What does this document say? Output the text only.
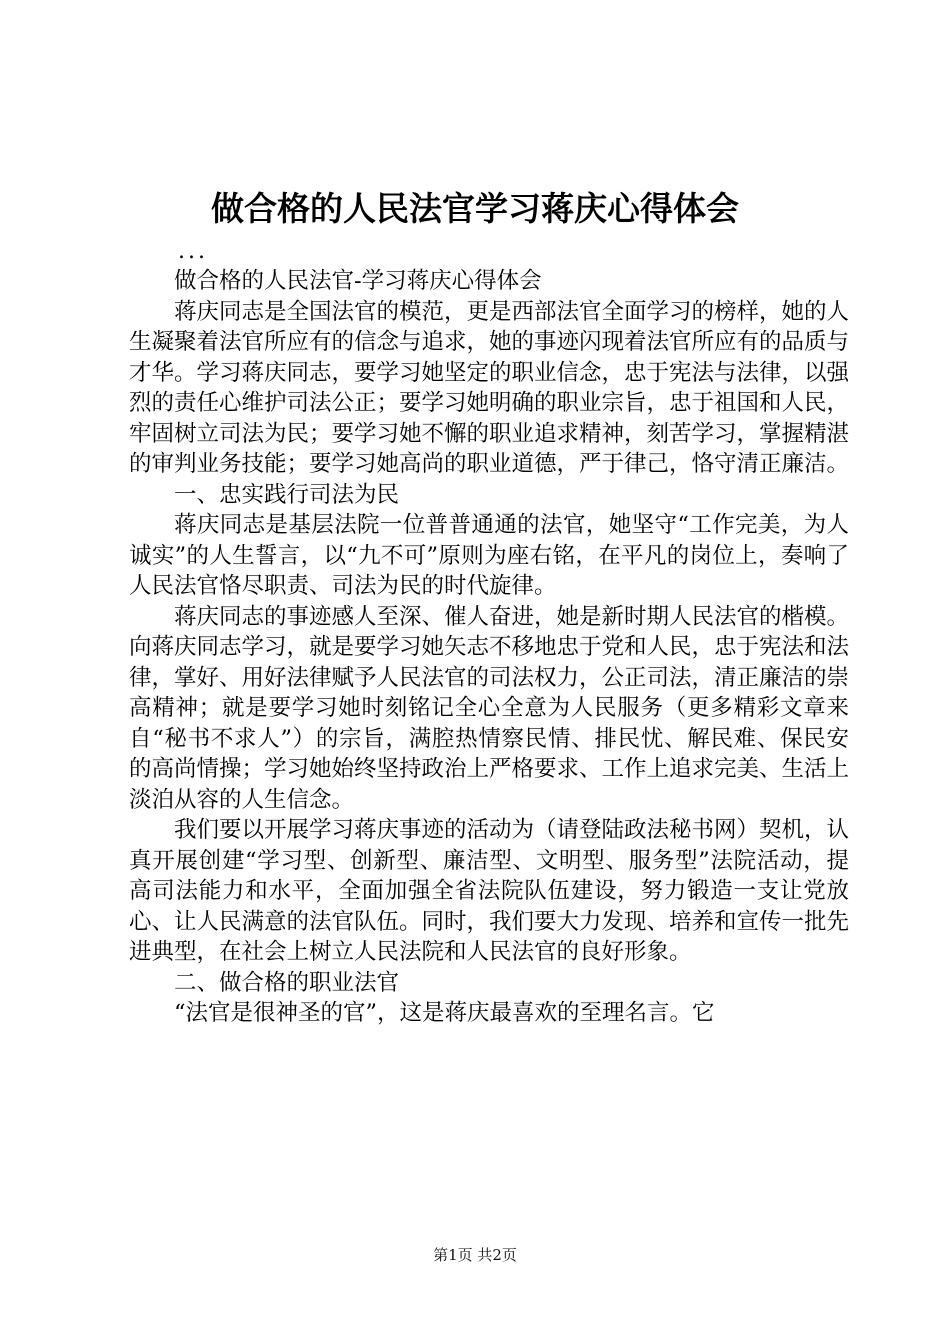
做合格的人民法官学习蒋庆心得体会
...

做合格的人民法官-学习蒋庆心得体会

蒋庆同志是全国法官的模范，更是西部法官全面学习的榜样，她的人生凝聚着法官所应有的信念与追求，她的事迹闪现着法官所应有的品质与才华。学习蒋庆同志，要学习她坚定的职业信念，忠于宪法与法律，以强烈的责任心维护司法公正；要学习她明确的职业宗旨，忠于祖国和人民，牢固树立司法为民；要学习她不懈的职业追求精神，刻苦学习，掌握精湛的审判业务技能；要学习她高尚的职业道德，严于律己，恪守清正廉洁。

一、忠实践行司法为民

蒋庆同志是基层法院一位普普通通的法官，她坚守“工作完美，为人诚实”的人生誓言，以“九不可”原则为座右铭，在平凡的岗位上，奏响了人民法官恪尽职责、司法为民的时代旋律。

蒋庆同志的事迹感人至深、催人奋进，她是新时期人民法官的楷模。向蒋庆同志学习，就是要学习她矢志不移地忠于党和人民，忠于宪法和法律，掌好、用好法律赋予人民法官的司法权力，公正司法，清正廉洁的崇高精神；就是要学习她时刻铭记全心全意为人民服务（更多精彩文章来自“秘书不求人”）的宗旨，满腔热情察民情、排民忧、解民难、保民安的高尚情操；学习她始终坚持政治上严格要求、工作上追求完美、生活上淡泊从容的人生信念。

我们要以开展学习蒋庆事迹的活动为（请登陆政法秘书网）契机，认真开展创建“学习型、创新型、廉洁型、文明型、服务型”法院活动，提高司法能力和水平，全面加强全省法院队伍建设，努力锻造一支让党放心、让人民满意的法官队伍。同时，我们要大力发现、培养和宣传一批先进典型，在社会上树立人民法院和人民法官的良好形象。

二、做合格的职业法官

“法官是很神圣的官”，这是蒋庆最喜欢的至理名言。它

第1页 共2页
